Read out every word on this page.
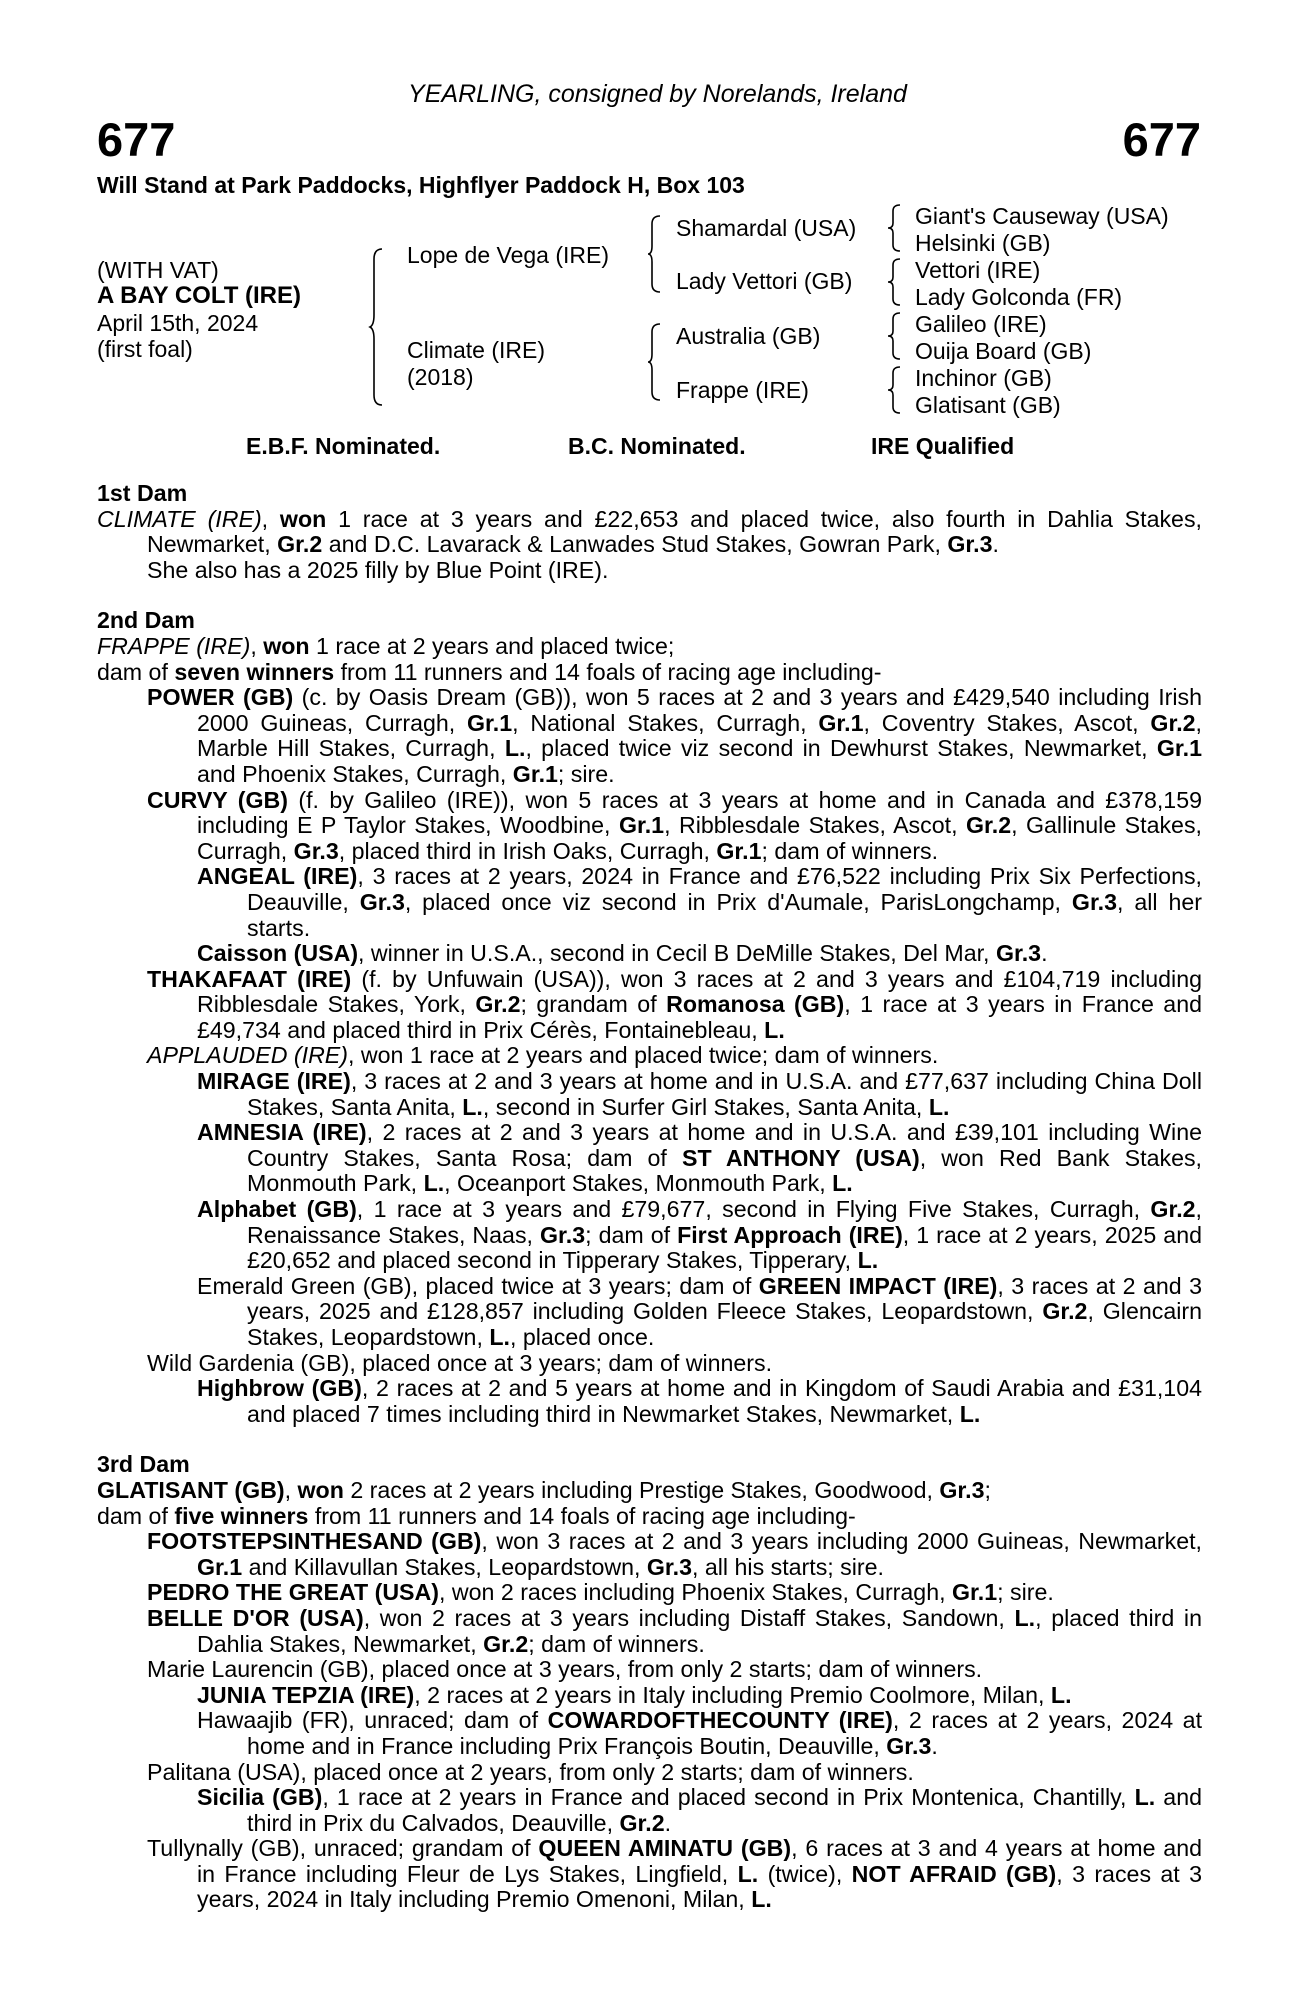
YEARLING, consigned by Norelands, Ireland
677	677
Will Stand at Park Paddocks, Highflyer Paddock H, Box 103
(WITH VAT)
A BAY COLT (IRE)
April 15th, 2024
(first foal)
Lope de Vega (IRE)
Climate (IRE)
(2018)
Shamardal (USA)
Lady Vettori (GB)
Australia (GB)
Frappe (IRE)
Giant's Causeway (USA)
Helsinki (GB)
Vettori (IRE)
Lady Golconda (FR)
Galileo (IRE)
Ouija Board (GB)
Inchinor (GB)
Glatisant (GB)
E.B.F. Nominated.	B.C. Nominated.	IRE Qualified

1st Dam

CLIMATE (IRE), won 1 race at 3 years and £22,653 and placed twice, also fourth in Dahlia Stakes, Newmarket, Gr.2 and D.C. Lavarack & Lanwades Stud Stakes, Gowran Park, Gr.3.

She also has a 2025 filly by Blue Point (IRE).

2nd Dam

FRAPPE (IRE), won 1 race at 2 years and placed twice;

dam of seven winners from 11 runners and 14 foals of racing age including-

POWER (GB) (c. by Oasis Dream (GB)), won 5 races at 2 and 3 years and £429,540 including Irish 2000 Guineas, Curragh, Gr.1, National Stakes, Curragh, Gr.1, Coventry Stakes, Ascot, Gr.2, Marble Hill Stakes, Curragh, L., placed twice viz second in Dewhurst Stakes, Newmarket, Gr.1 and Phoenix Stakes, Curragh, Gr.1; sire.

CURVY (GB) (f. by Galileo (IRE)), won 5 races at 3 years at home and in Canada and £378,159 including E P Taylor Stakes, Woodbine, Gr.1, Ribblesdale Stakes, Ascot, Gr.2, Gallinule Stakes, Curragh, Gr.3, placed third in Irish Oaks, Curragh, Gr.1; dam of winners.

ANGEAL (IRE), 3 races at 2 years, 2024 in France and £76,522 including Prix Six Perfections, Deauville, Gr.3, placed once viz second in Prix d'Aumale, ParisLongchamp, Gr.3, all her starts.

Caisson (USA), winner in U.S.A., second in Cecil B DeMille Stakes, Del Mar, Gr.3.

THAKAFAAT (IRE) (f. by Unfuwain (USA)), won 3 races at 2 and 3 years and £104,719 including Ribblesdale Stakes, York, Gr.2; grandam of Romanosa (GB), 1 race at 3 years in France and £49,734 and placed third in Prix Cérès, Fontainebleau, L.

APPLAUDED (IRE), won 1 race at 2 years and placed twice; dam of winners.

MIRAGE (IRE), 3 races at 2 and 3 years at home and in U.S.A. and £77,637 including China Doll Stakes, Santa Anita, L., second in Surfer Girl Stakes, Santa Anita, L.

AMNESIA (IRE), 2 races at 2 and 3 years at home and in U.S.A. and £39,101 including Wine Country Stakes, Santa Rosa; dam of ST ANTHONY (USA), won Red Bank Stakes, Monmouth Park, L., Oceanport Stakes, Monmouth Park, L.

Alphabet (GB), 1 race at 3 years and £79,677, second in Flying Five Stakes, Curragh, Gr.2, Renaissance Stakes, Naas, Gr.3; dam of First Approach (IRE), 1 race at 2 years, 2025 and £20,652 and placed second in Tipperary Stakes, Tipperary, L.

Emerald Green (GB), placed twice at 3 years; dam of GREEN IMPACT (IRE), 3 races at 2 and 3 years, 2025 and £128,857 including Golden Fleece Stakes, Leopardstown, Gr.2, Glencairn Stakes, Leopardstown, L., placed once.

Wild Gardenia (GB), placed once at 3 years; dam of winners.

Highbrow (GB), 2 races at 2 and 5 years at home and in Kingdom of Saudi Arabia and £31,104 and placed 7 times including third in Newmarket Stakes, Newmarket, L.

3rd Dam

GLATISANT (GB), won 2 races at 2 years including Prestige Stakes, Goodwood, Gr.3;

dam of five winners from 11 runners and 14 foals of racing age including-

FOOTSTEPSINTHESAND (GB), won 3 races at 2 and 3 years including 2000 Guineas, Newmarket, Gr.1 and Killavullan Stakes, Leopardstown, Gr.3, all his starts; sire.

PEDRO THE GREAT (USA), won 2 races including Phoenix Stakes, Curragh, Gr.1; sire.

BELLE D'OR (USA), won 2 races at 3 years including Distaff Stakes, Sandown, L., placed third in Dahlia Stakes, Newmarket, Gr.2; dam of winners.

Marie Laurencin (GB), placed once at 3 years, from only 2 starts; dam of winners.

JUNIA TEPZIA (IRE), 2 races at 2 years in Italy including Premio Coolmore, Milan, L.

Hawaajib (FR), unraced; dam of COWARDOFTHECOUNTY (IRE), 2 races at 2 years, 2024 at home and in France including Prix François Boutin, Deauville, Gr.3.

Palitana (USA), placed once at 2 years, from only 2 starts; dam of winners.

Sicilia (GB), 1 race at 2 years in France and placed second in Prix Montenica, Chantilly, L. and third in Prix du Calvados, Deauville, Gr.2.

Tullynally (GB), unraced; grandam of QUEEN AMINATU (GB), 6 races at 3 and 4 years at home and in France including Fleur de Lys Stakes, Lingfield, L. (twice), NOT AFRAID (GB), 3 races at 3 years, 2024 in Italy including Premio Omenoni, Milan, L.
